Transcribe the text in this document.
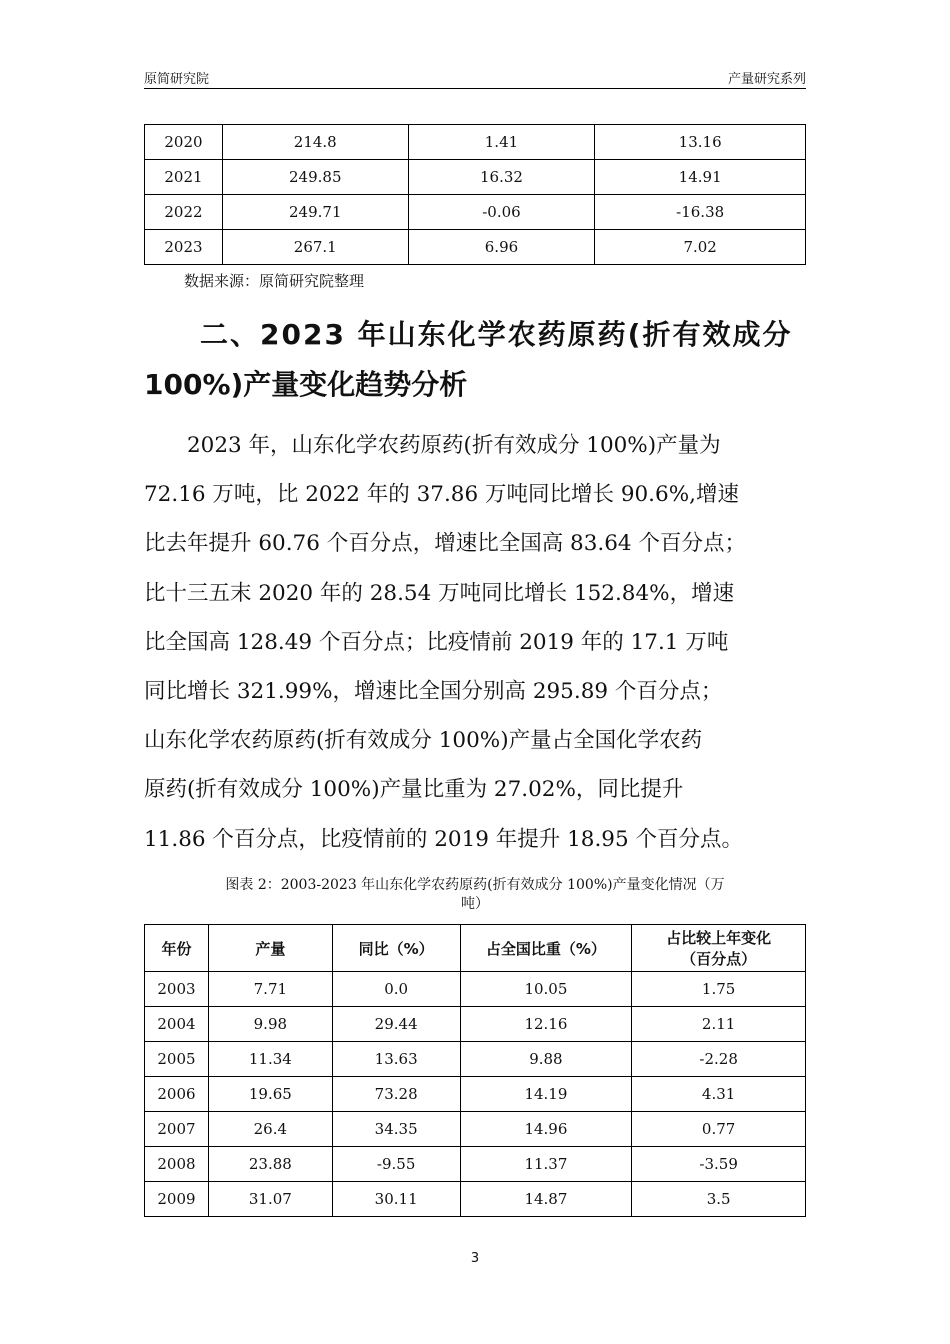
原简研究院	产量研究系列
2020	214.8	1.41	13.16
2021	249.85	16.32	14.91
2022	249.71	-0.06	-16.38
2023	267.1	6.96	7.02
数据来源：原简研究院整理
二、2023 年山东化学农药原药(折有效成分
100%)产量变化趋势分析
2023 年，山东化学农药原药(折有效成分 100%)产量为
72.16 万吨，比 2022 年的 37.86 万吨同比增长 90.6%,增速
比去年提升 60.76 个百分点，增速比全国高 83.64 个百分点；
比十三五末 2020 年的 28.54 万吨同比增长 152.84%，增速
比全国高 128.49 个百分点；比疫情前 2019 年的 17.1 万吨
同比增长 321.99%，增速比全国分别高 295.89 个百分点；
山东化学农药原药(折有效成分 100%)产量占全国化学农药
原药(折有效成分 100%)产量比重为 27.02%，同比提升
11.86 个百分点，比疫情前的 2019 年提升 18.95 个百分点。
图表 2：2003-2023 年山东化学农药原药(折有效成分 100%)产量变化情况（万
吨）
年份	产量	同比（%）	占全国比重（%）	占比较上年变化
（百分点）

2003	7.71	0.0	10.05	1.75
2004	9.98	29.44	12.16	2.11
2005	11.34	13.63	9.88	-2.28
2006	19.65	73.28	14.19	4.31
2007	26.4	34.35	14.96	0.77
2008	23.88	-9.55	11.37	-3.59
2009	31.07	30.11	14.87	3.5
3
